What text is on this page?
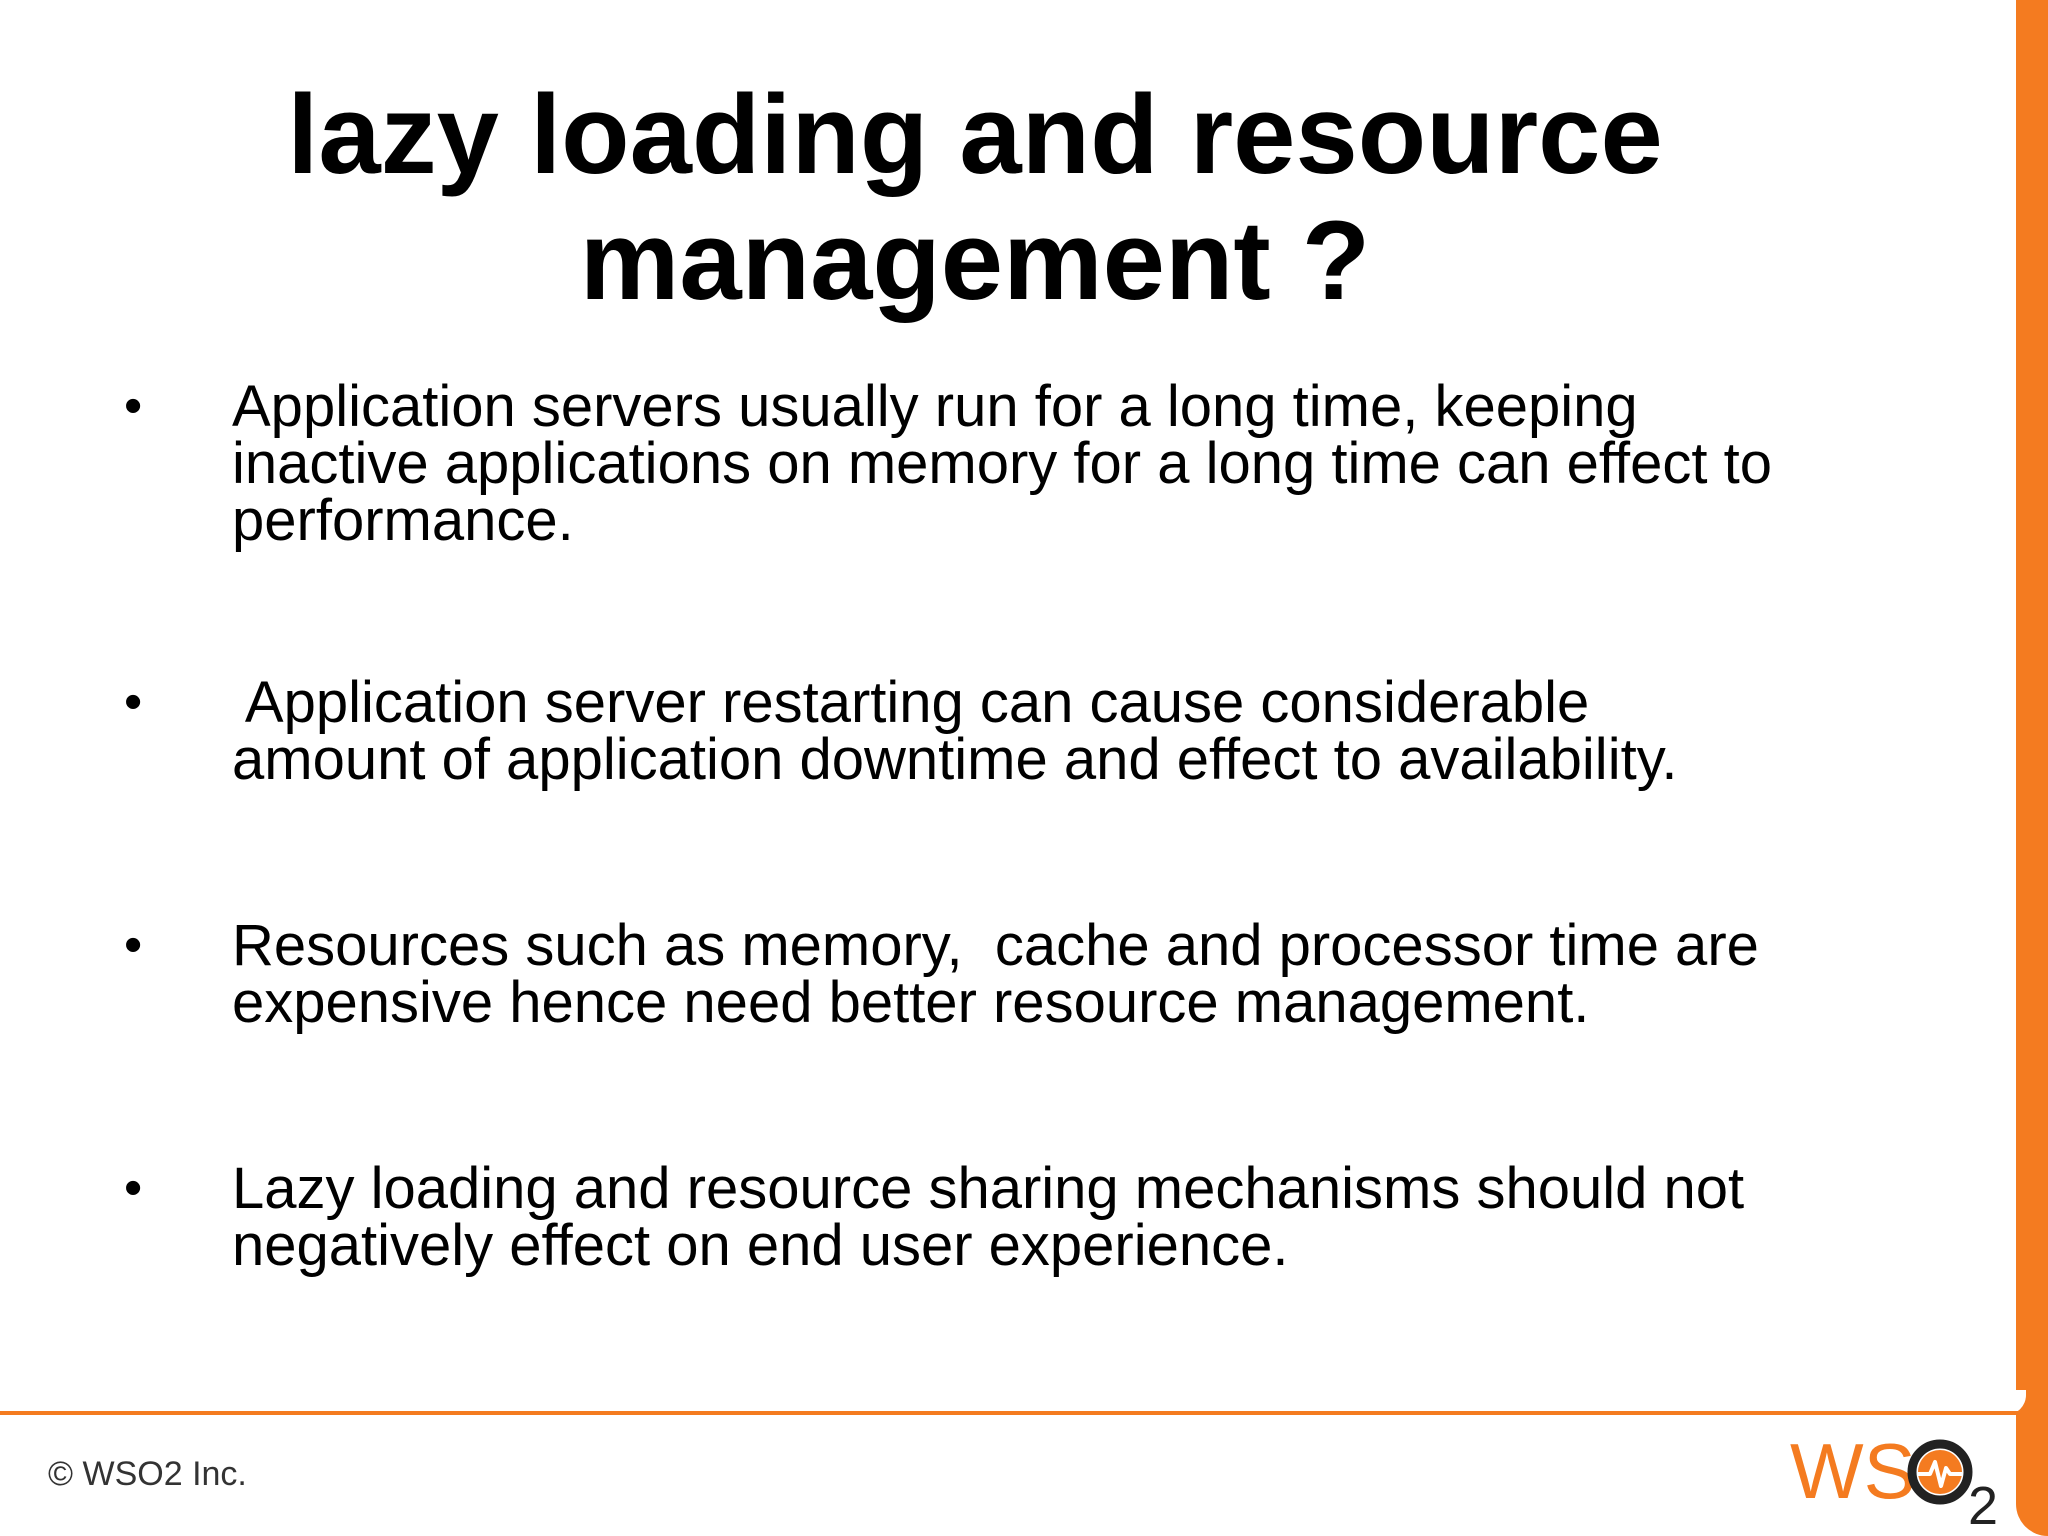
lazy loading and resource
management ?
• Application servers usually run for a long time, keeping
inactive applications on memory for a long time can effect to
performance.
• Application server restarting can cause considerable
amount of application downtime and effect to availability.
• Resources such as memory,  cache and processor time are
expensive hence need better resource management.
• Lazy loading and resource sharing mechanisms should not
negatively effect on end user experience.
© WSO2 Inc.	WS 2
